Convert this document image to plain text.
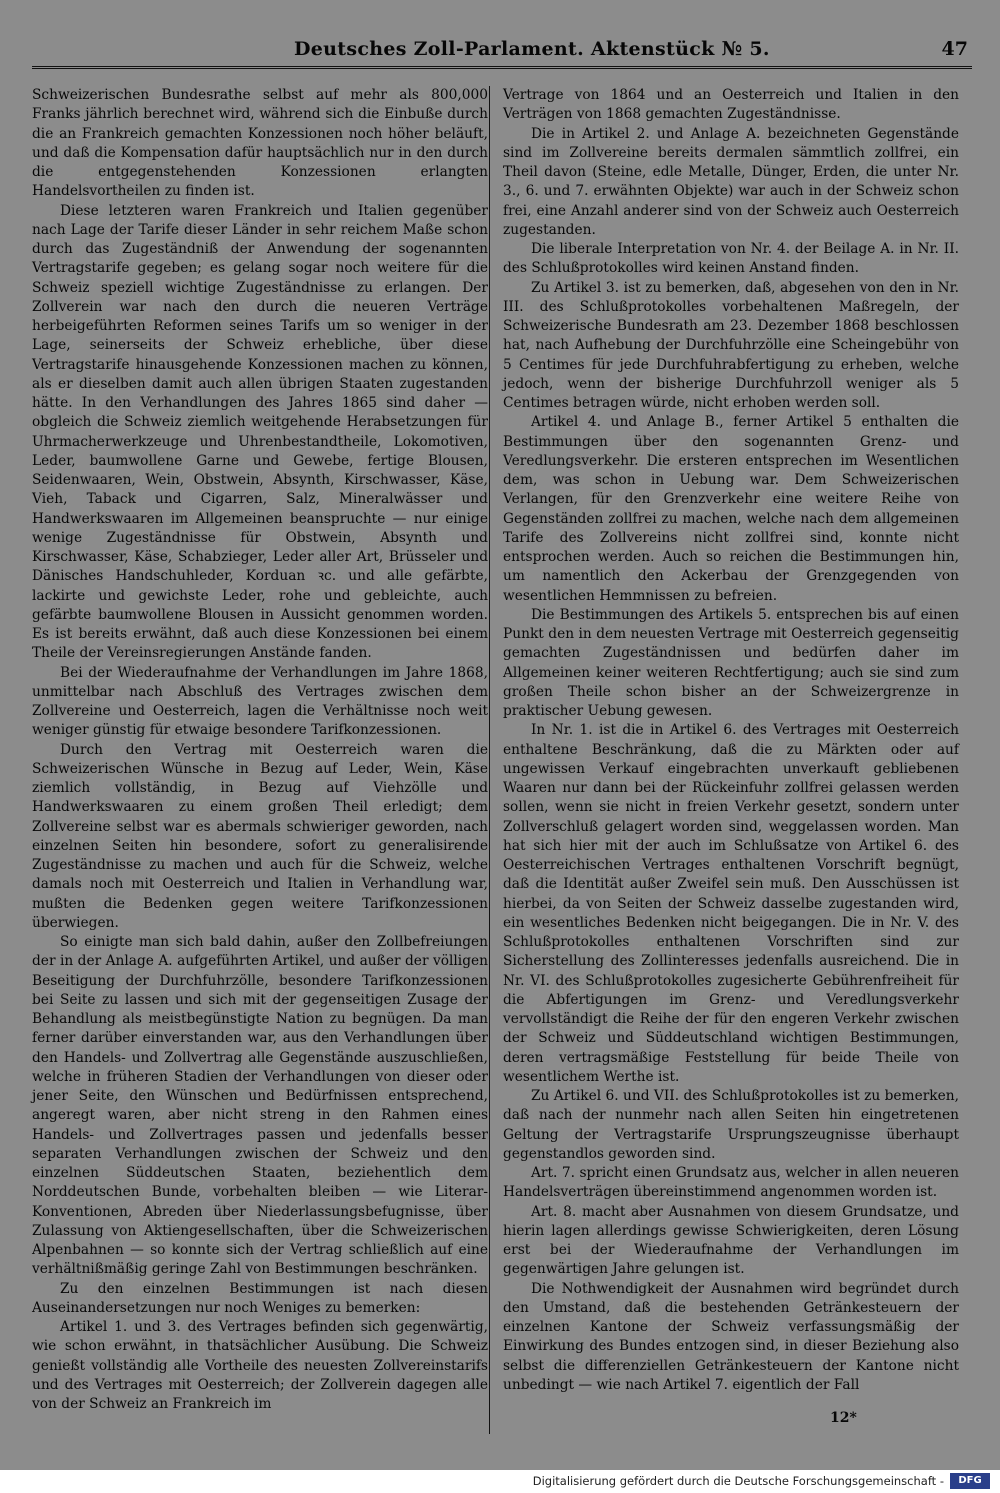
Deutsches Zoll-Parlament. Aktenstück № 5.	47

Schweizerischen Bundesrathe selbst auf mehr als 800,000 Franks jährlich berechnet wird, während sich die Einbuße durch die an Frankreich gemachten Konzessionen noch höher beläuft, und daß die Kompensation dafür hauptsächlich nur in den durch die entgegenstehenden Konzessionen erlangten Handelsvortheilen zu finden ist.

Diese letzteren waren Frankreich und Italien gegenüber nach Lage der Tarife dieser Länder in sehr reichem Maße schon durch das Zugeständniß der Anwendung der sogenannten Vertragstarife gegeben; es gelang sogar noch weitere für die Schweiz speziell wichtige Zugeständnisse zu erlangen. Der Zollverein war nach den durch die neueren Verträge herbeigeführten Reformen seines Tarifs um so weniger in der Lage, seinerseits der Schweiz erhebliche, über diese Vertragstarife hinausgehende Konzessionen machen zu können, als er dieselben damit auch allen übrigen Staaten zugestanden hätte. In den Verhandlungen des Jahres 1865 sind daher — obgleich die Schweiz ziemlich weitgehende Herabsetzungen für Uhrmacherwerkzeuge und Uhrenbestandtheile, Lokomotiven, Leder, baumwollene Garne und Gewebe, fertige Blousen, Seidenwaaren, Wein, Obstwein, Absynth, Kirschwasser, Käse, Vieh, Taback und Cigarren, Salz, Mineralwässer und Handwerkswaaren im Allgemeinen beanspruchte — nur einige wenige Zugeständnisse für Obstwein, Absynth und Kirschwasser, Käse, Schabzieger, Leder aller Art, Brüsseler und Dänisches Handschuhleder, Korduan ꝛc. und alle gefärbte, lackirte und gewichste Leder, rohe und gebleichte, auch gefärbte baumwollene Blousen in Aussicht genommen worden. Es ist bereits erwähnt, daß auch diese Konzessionen bei einem Theile der Vereinsregierungen Anstände fanden.

Bei der Wiederaufnahme der Verhandlungen im Jahre 1868, unmittelbar nach Abschluß des Vertrages zwischen dem Zollvereine und Oesterreich, lagen die Verhältnisse noch weit weniger günstig für etwaige besondere Tarifkonzessionen.

Durch den Vertrag mit Oesterreich waren die Schweizerischen Wünsche in Bezug auf Leder, Wein, Käse ziemlich vollständig, in Bezug auf Viehzölle und Handwerkswaaren zu einem großen Theil erledigt; dem Zollvereine selbst war es abermals schwieriger geworden, nach einzelnen Seiten hin besondere, sofort zu generalisirende Zugeständnisse zu machen und auch für die Schweiz, welche damals noch mit Oesterreich und Italien in Verhandlung war, mußten die Bedenken gegen weitere Tarifkonzessionen überwiegen.

So einigte man sich bald dahin, außer den Zollbefreiungen der in der Anlage A. aufgeführten Artikel, und außer der völligen Beseitigung der Durchfuhrzölle, besondere Tarifkonzessionen bei Seite zu lassen und sich mit der gegenseitigen Zusage der Behandlung als meistbegünstigte Nation zu begnügen. Da man ferner darüber einverstanden war, aus den Verhandlungen über den Handels- und Zollvertrag alle Gegenstände auszuschließen, welche in früheren Stadien der Verhandlungen von dieser oder jener Seite, den Wünschen und Bedürfnissen entsprechend, angeregt waren, aber nicht streng in den Rahmen eines Handels- und Zollvertrages passen und jedenfalls besser separaten Verhandlungen zwischen der Schweiz und den einzelnen Süddeutschen Staaten, beziehentlich dem Norddeutschen Bunde, vorbehalten bleiben — wie Literar-Konventionen, Abreden über Niederlassungsbefugnisse, über Zulassung von Aktiengesellschaften, über die Schweizerischen Alpenbahnen — so konnte sich der Vertrag schließlich auf eine verhältnißmäßig geringe Zahl von Bestimmungen beschränken.

Zu den einzelnen Bestimmungen ist nach diesen Auseinandersetzungen nur noch Weniges zu bemerken:

Artikel 1. und 3. des Vertrages befinden sich gegenwärtig, wie schon erwähnt, in thatsächlicher Ausübung. Die Schweiz genießt vollständig alle Vortheile des neuesten Zollvereinstarifs und des Vertrages mit Oesterreich; der Zollverein dagegen alle von der Schweiz an Frankreich im

Vertrage von 1864 und an Oesterreich und Italien in den Verträgen von 1868 gemachten Zugeständnisse.

Die in Artikel 2. und Anlage A. bezeichneten Gegenstände sind im Zollvereine bereits dermalen sämmtlich zollfrei, ein Theil davon (Steine, edle Metalle, Dünger, Erden, die unter Nr. 3., 6. und 7. erwähnten Objekte) war auch in der Schweiz schon frei, eine Anzahl anderer sind von der Schweiz auch Oesterreich zugestanden.

Die liberale Interpretation von Nr. 4. der Beilage A. in Nr. II. des Schlußprotokolles wird keinen Anstand finden.

Zu Artikel 3. ist zu bemerken, daß, abgesehen von den in Nr. III. des Schlußprotokolles vorbehaltenen Maßregeln, der Schweizerische Bundesrath am 23. Dezember 1868 beschlossen hat, nach Aufhebung der Durchfuhrzölle eine Scheingebühr von 5 Centimes für jede Durchfuhrabfertigung zu erheben, welche jedoch, wenn der bisherige Durchfuhrzoll weniger als 5 Centimes betragen würde, nicht erhoben werden soll.

Artikel 4. und Anlage B., ferner Artikel 5 enthalten die Bestimmungen über den sogenannten Grenz- und Veredlungsverkehr. Die ersteren entsprechen im Wesentlichen dem, was schon in Uebung war. Dem Schweizerischen Verlangen, für den Grenzverkehr eine weitere Reihe von Gegenständen zollfrei zu machen, welche nach dem allgemeinen Tarife des Zollvereins nicht zollfrei sind, konnte nicht entsprochen werden. Auch so reichen die Bestimmungen hin, um namentlich den Ackerbau der Grenzgegenden von wesentlichen Hemmnissen zu befreien.

Die Bestimmungen des Artikels 5. entsprechen bis auf einen Punkt den in dem neuesten Vertrage mit Oesterreich gegenseitig gemachten Zugeständnissen und bedürfen daher im Allgemeinen keiner weiteren Rechtfertigung; auch sie sind zum großen Theile schon bisher an der Schweizergrenze in praktischer Uebung gewesen.

In Nr. 1. ist die in Artikel 6. des Vertrages mit Oesterreich enthaltene Beschränkung, daß die zu Märkten oder auf ungewissen Verkauf eingebrachten unverkauft gebliebenen Waaren nur dann bei der Rückeinfuhr zollfrei gelassen werden sollen, wenn sie nicht in freien Verkehr gesetzt, sondern unter Zollverschluß gelagert worden sind, weggelassen worden. Man hat sich hier mit der auch im Schlußsatze von Artikel 6. des Oesterreichischen Vertrages enthaltenen Vorschrift begnügt, daß die Identität außer Zweifel sein muß. Den Ausschüssen ist hierbei, da von Seiten der Schweiz dasselbe zugestanden wird, ein wesentliches Bedenken nicht beigegangen. Die in Nr. V. des Schlußprotokolles enthaltenen Vorschriften sind zur Sicherstellung des Zollinteresses jedenfalls ausreichend. Die in Nr. VI. des Schlußprotokolles zugesicherte Gebührenfreiheit für die Abfertigungen im Grenz- und Veredlungsverkehr vervollständigt die Reihe der für den engeren Verkehr zwischen der Schweiz und Süddeutschland wichtigen Bestimmungen, deren vertragsmäßige Feststellung für beide Theile von wesentlichem Werthe ist.

Zu Artikel 6. und VII. des Schlußprotokolles ist zu bemerken, daß nach der nunmehr nach allen Seiten hin eingetretenen Geltung der Vertragstarife Ursprungszeugnisse überhaupt gegenstandlos geworden sind.

Art. 7. spricht einen Grundsatz aus, welcher in allen neueren Handelsverträgen übereinstimmend angenommen worden ist.

Art. 8. macht aber Ausnahmen von diesem Grundsatze, und hierin lagen allerdings gewisse Schwierigkeiten, deren Lösung erst bei der Wiederaufnahme der Verhandlungen im gegenwärtigen Jahre gelungen ist.

Die Nothwendigkeit der Ausnahmen wird begründet durch den Umstand, daß die bestehenden Getränkesteuern der einzelnen Kantone der Schweiz verfassungsmäßig der Einwirkung des Bundes entzogen sind, in dieser Beziehung also selbst die differenziellen Getränkesteuern der Kantone nicht unbedingt — wie nach Artikel 7. eigentlich der Fall

12*
Digitalisierung gefördert durch die Deutsche Forschungsgemeinschaft -	DFG
